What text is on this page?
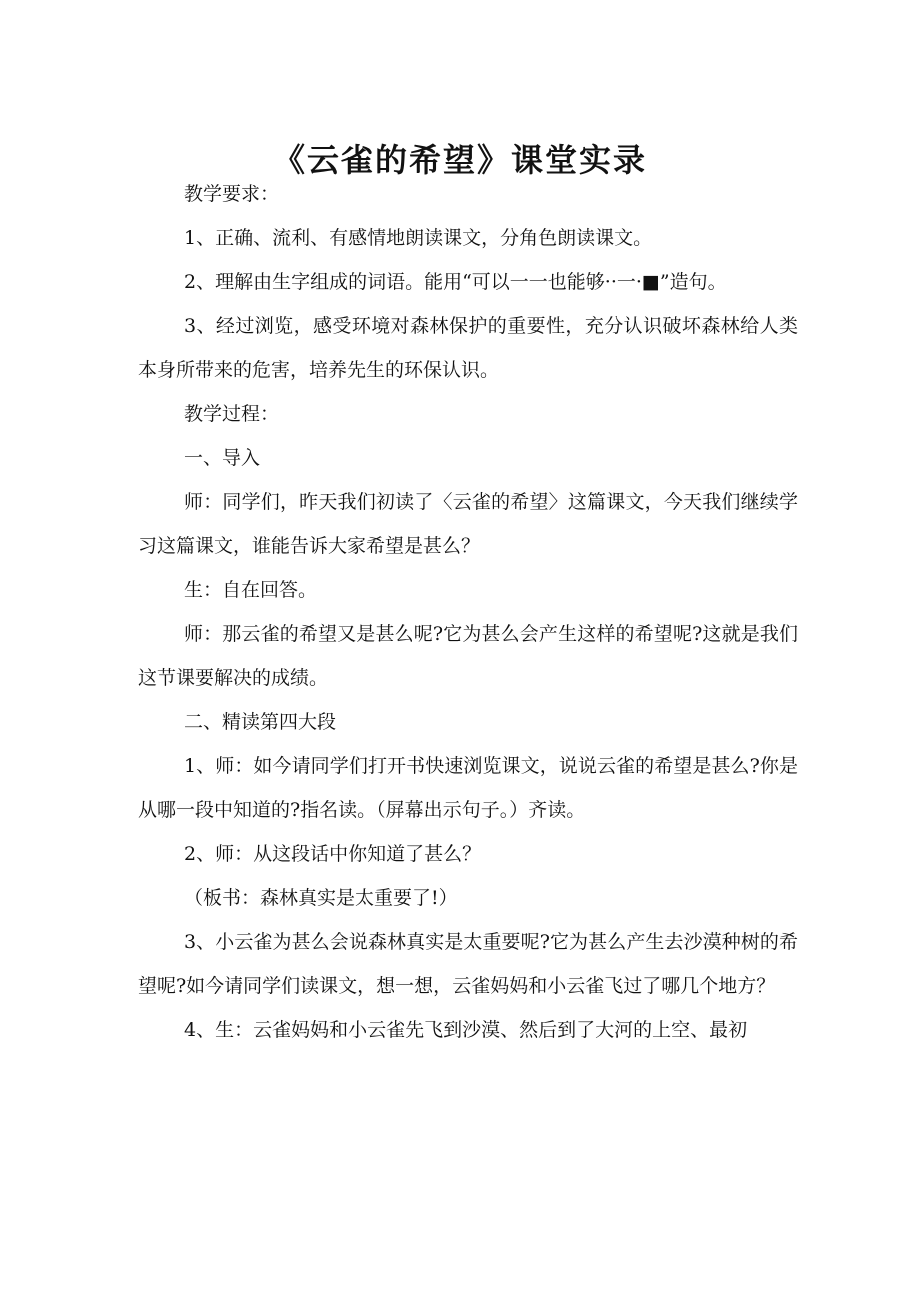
《云雀的希望》课堂实录

教学要求：

1、正确、流利、有感情地朗读课文，分角色朗读课文。

2、理解由生字组成的词语。能用“可以一一也能够··一·■”造句。

3、经过浏览，感受环境对森林保护的重要性，充分认识破坏森林给人类本身所带来的危害，培养先生的环保认识。

教学过程：

一、导入

师：同学们，昨天我们初读了〈云雀的希望〉这篇课文，今天我们继续学习这篇课文，谁能告诉大家希望是甚么？

生：自在回答。

师：那云雀的希望又是甚么呢?它为甚么会产生这样的希望呢?这就是我们这节课要解决的成绩。

二、精读第四大段

1、师：如今请同学们打开书快速浏览课文，说说云雀的希望是甚么?你是从哪一段中知道的?指名读。（屏幕出示句子。）齐读。

2、师：从这段话中你知道了甚么？

（板书：森林真实是太重要了!）

3、小云雀为甚么会说森林真实是太重要呢?它为甚么产生去沙漠种树的希望呢?如今请同学们读课文，想一想，云雀妈妈和小云雀飞过了哪几个地方？

4、生：云雀妈妈和小云雀先飞到沙漠、然后到了大河的上空、最初
